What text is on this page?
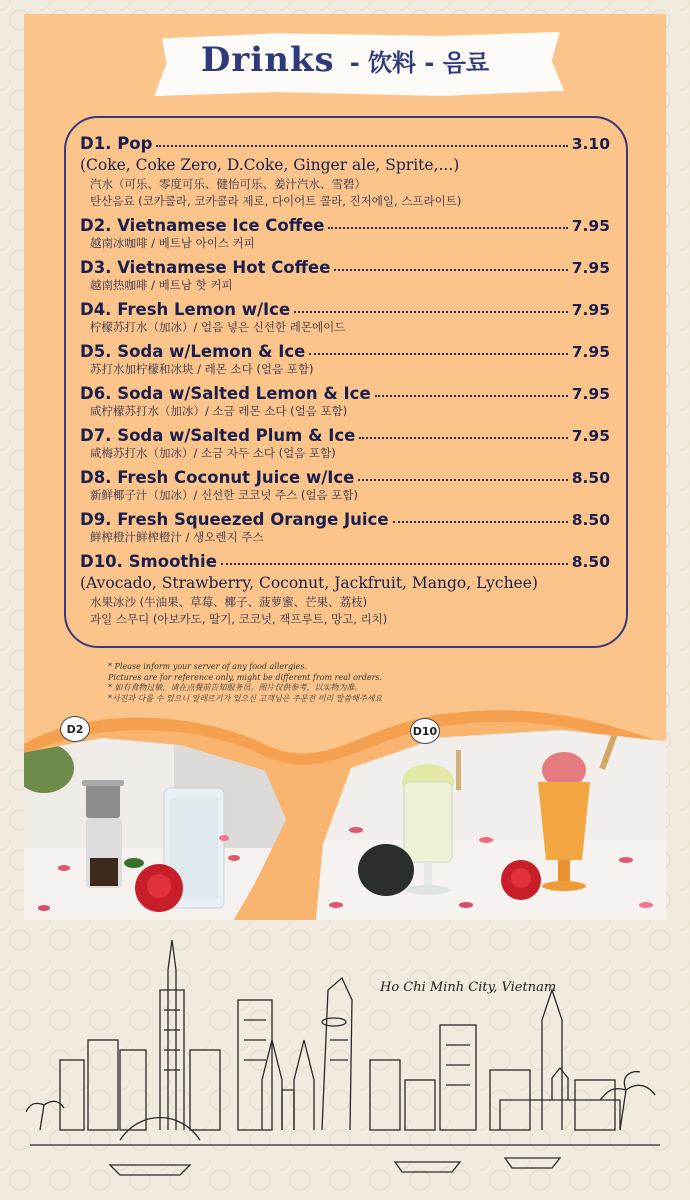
D2	D10
Drinks - 饮料 - 음료
D1. Pop	3.10
(Coke, Coke Zero, D.Coke, Ginger ale, Sprite,...)
汽水（可乐、零度可乐、健怡可乐、姜汁汽水、雪碧）
탄산음료 (코카콜라, 코카콜라 제로, 다이어트 콜라, 진저에일, 스프라이트)
D2. Vietnamese Ice Coffee	7.95
越南冰咖啡 / 베트남 아이스 커피
D3. Vietnamese Hot Coffee	7.95
越南热咖啡 / 베트남 핫 커피
D4. Fresh Lemon w/Ice	7.95
柠檬苏打水（加冰）/ 얼음 넣은 신선한 레몬에이드
D5. Soda w/Lemon & Ice	7.95
苏打水加柠檬和冰块 / 레몬 소다 (얼음 포함)
D6. Soda w/Salted Lemon & Ice	7.95
咸柠檬苏打水（加冰）/ 소금 레몬 소다 (얼음 포함)
D7. Soda w/Salted Plum & Ice	7.95
咸梅苏打水（加冰）/ 소금 자두 소다 (얼음 포함)
D8. Fresh Coconut Juice w/Ice	8.50
新鲜椰子汁（加冰）/ 신선한 코코넛 주스 (얼음 포함)
D9. Fresh Squeezed Orange Juice	8.50
鲜榨橙汁鲜榨橙汁 / 생오렌지 주스
D10. Smoothie	8.50
(Avocado, Strawberry, Coconut, Jackfruit, Mango, Lychee)
水果冰沙 (牛油果、草莓、椰子、菠萝蜜、芒果、荔枝)
과일 스무디 (아보카도, 딸기, 코코넛, 잭프루트, 망고, 리치)
* Please inform your server of any food allergies.
Pictures are for reference only, might be different from real orders.
* 如有食物过敏，请在点餐前告知服务员。图片仅供参考，以实物为准。
*사진과 다를 수 있으니 알레르기가 있으신 고객님은 주문전 미리 말씀해주세요
Ho Chi Minh City, Vietnam
